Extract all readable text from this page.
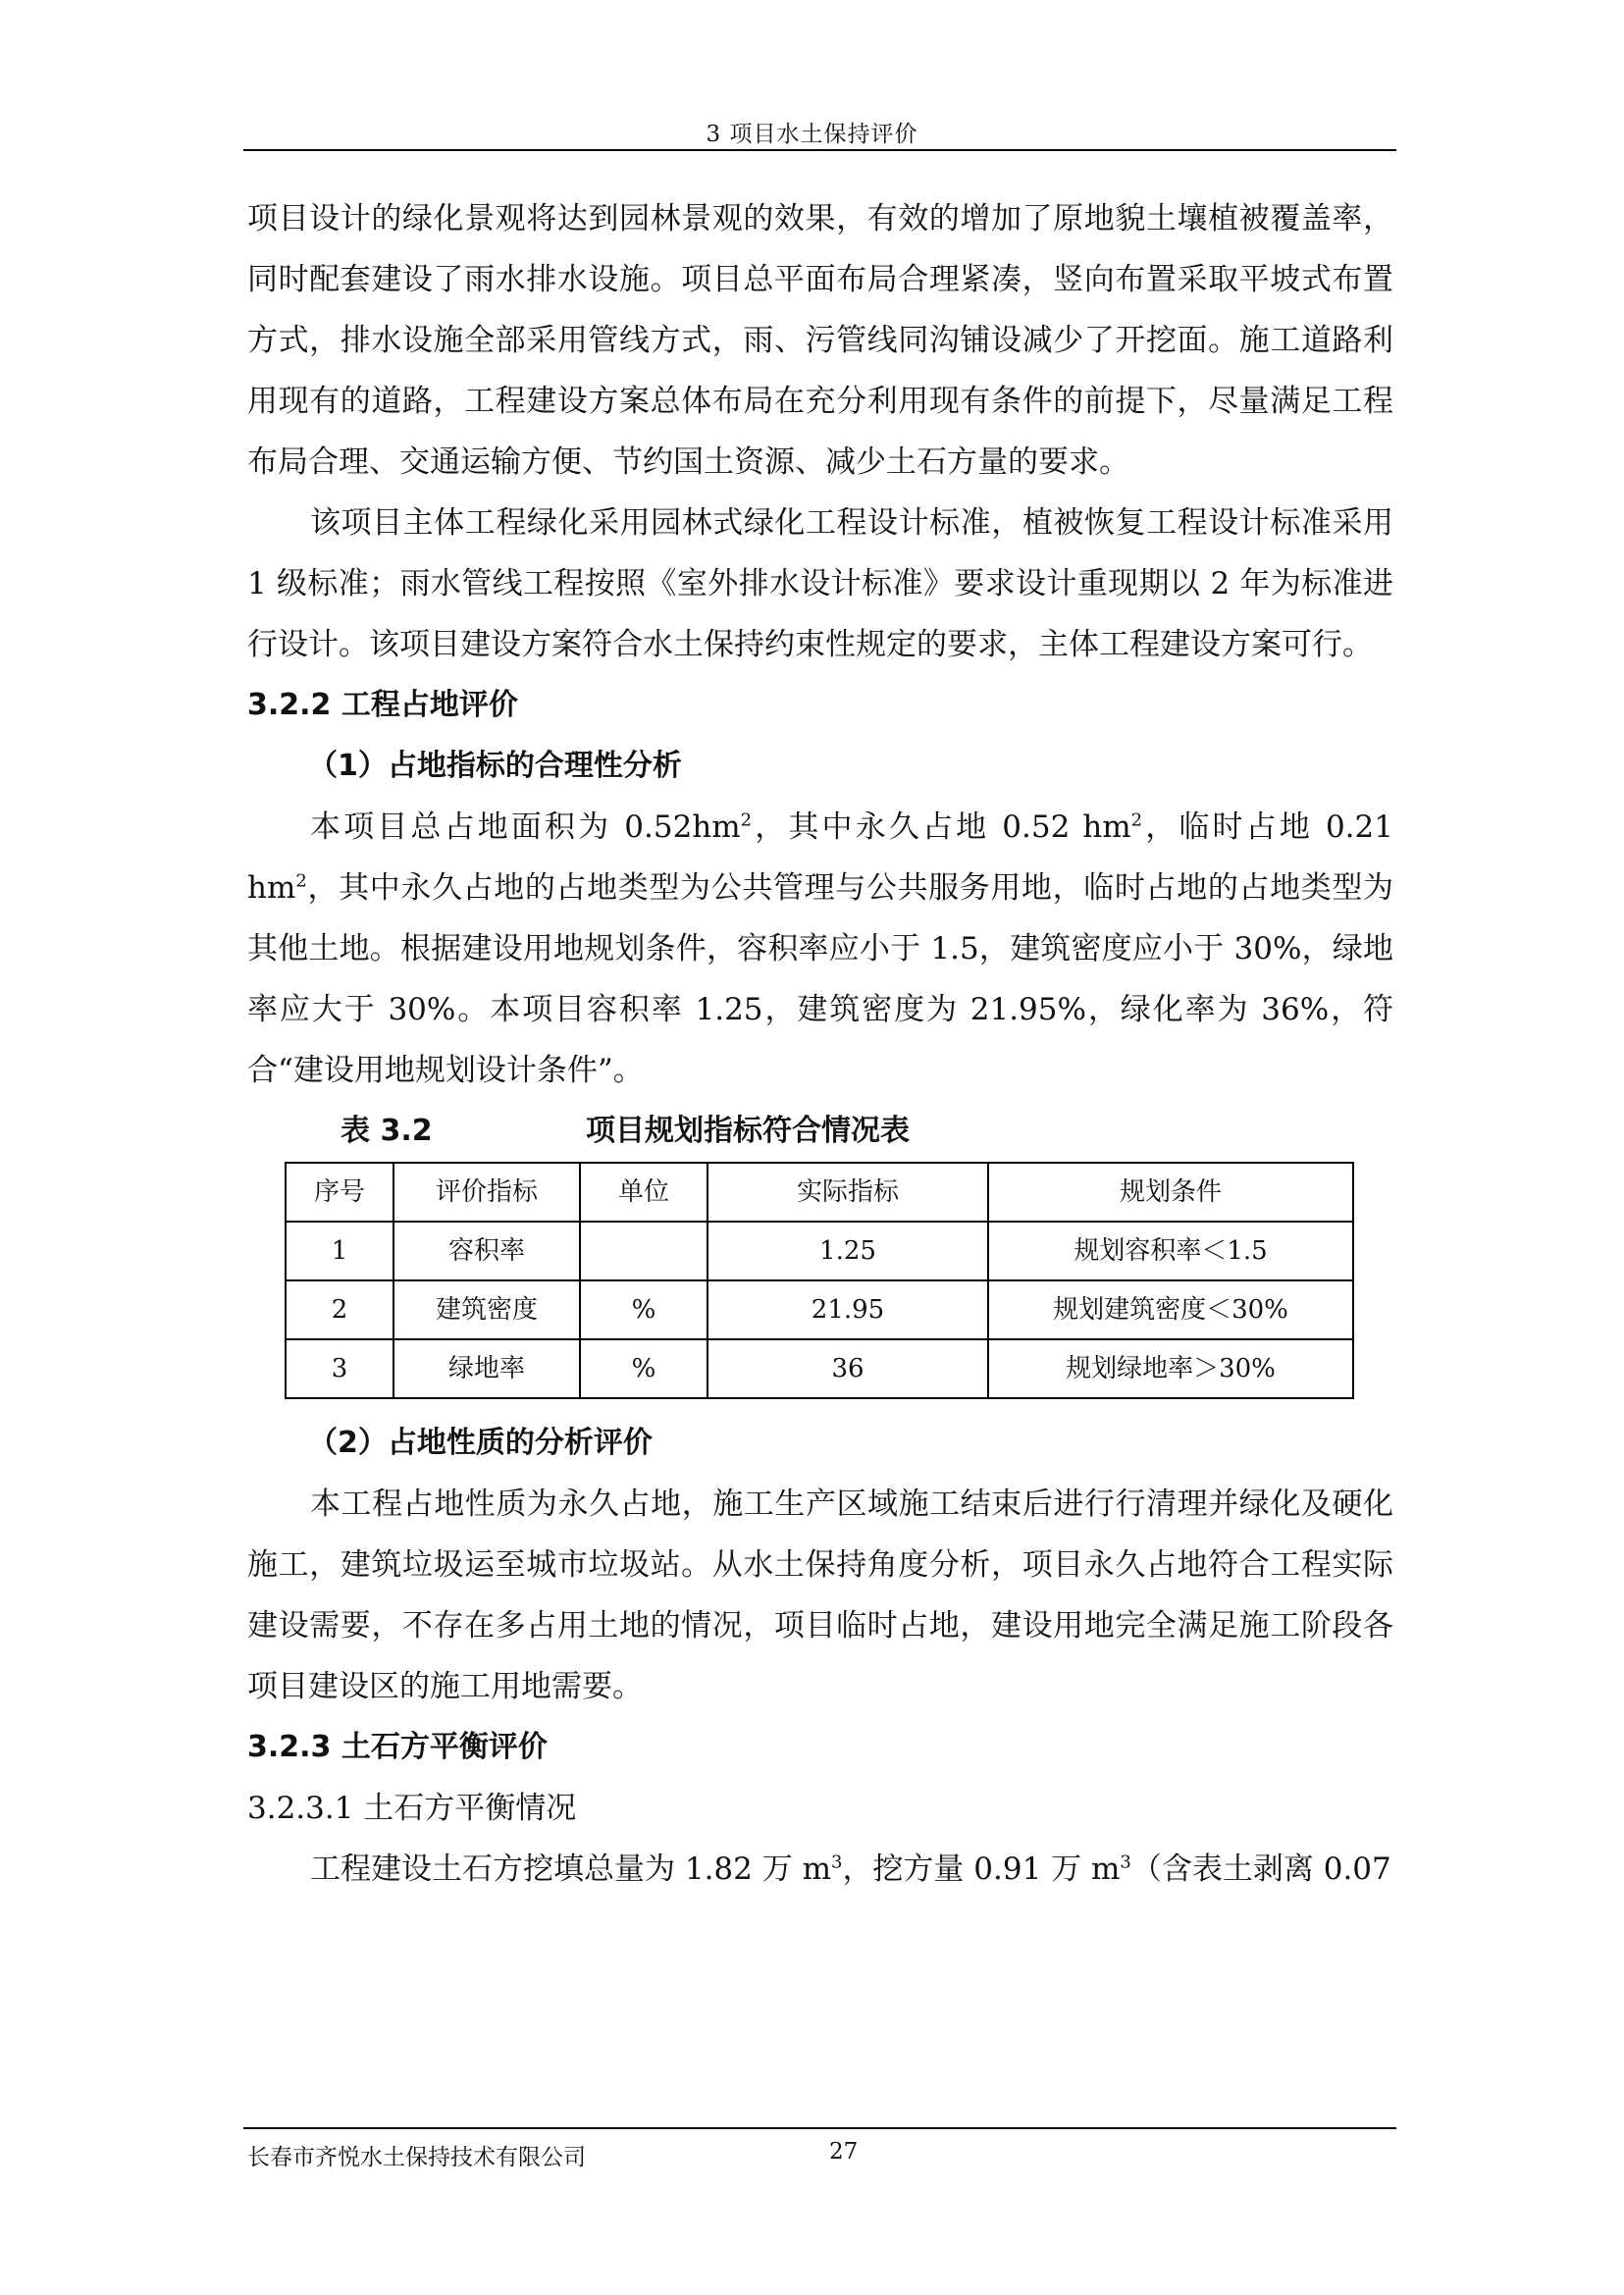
3 项目水土保持评价

项目设计的绿化景观将达到园林景观的效果，有效的增加了原地貌土壤植被覆盖率，同时配套建设了雨水排水设施。项目总平面布局合理紧凑，竖向布置采取平坡式布置方式，排水设施全部采用管线方式，雨、污管线同沟铺设减少了开挖面。施工道路利用现有的道路，工程建设方案总体布局在充分利用现有条件的前提下，尽量满足工程布局合理、交通运输方便、节约国土资源、减少土石方量的要求。

该项目主体工程绿化采用园林式绿化工程设计标准，植被恢复工程设计标准采用 1 级标准；雨水管线工程按照《室外排水设计标准》要求设计重现期以 2 年为标准进行设计。该项目建设方案符合水土保持约束性规定的要求，主体工程建设方案可行。

3.2.2 工程占地评价

（1）占地指标的合理性分析

本项目总占地面积为 $0.52hm^2$，其中永久占地 0.52 $hm^2$，临时占地 0.21 $hm^2$，其中永久占地的占地类型为公共管理与公共服务用地，临时占地的占地类型为其他土地。根据建设用地规划条件，容积率应小于 1.5，建筑密度应小于 30%，绿地率应大于 30%。本项目容积率 1.25，建筑密度为 21.95%，绿化率为 36%，符合“建设用地规划设计条件”。

表 3.2	项目规划指标符合情况表
序号	评价指标	单位	实际指标	规划条件
1	容积率		1.25	规划容积率＜1.5
2	建筑密度	%	21.95	规划建筑密度＜30%
3	绿地率	%	36	规划绿地率＞30%

（2）占地性质的分析评价

本工程占地性质为永久占地，施工生产区域施工结束后进行行清理并绿化及硬化施工，建筑垃圾运至城市垃圾站。从水土保持角度分析，项目永久占地符合工程实际建设需要，不存在多占用土地的情况，项目临时占地，建设用地完全满足施工阶段各项目建设区的施工用地需要。

3.2.3 土石方平衡评价

3.2.3.1 土石方平衡情况

工程建设土石方挖填总量为 1.82 万 $m^3$，挖方量 0.91 万 $m^3$（含表土剥离 0.07

长春市齐悦水土保持技术有限公司	27
